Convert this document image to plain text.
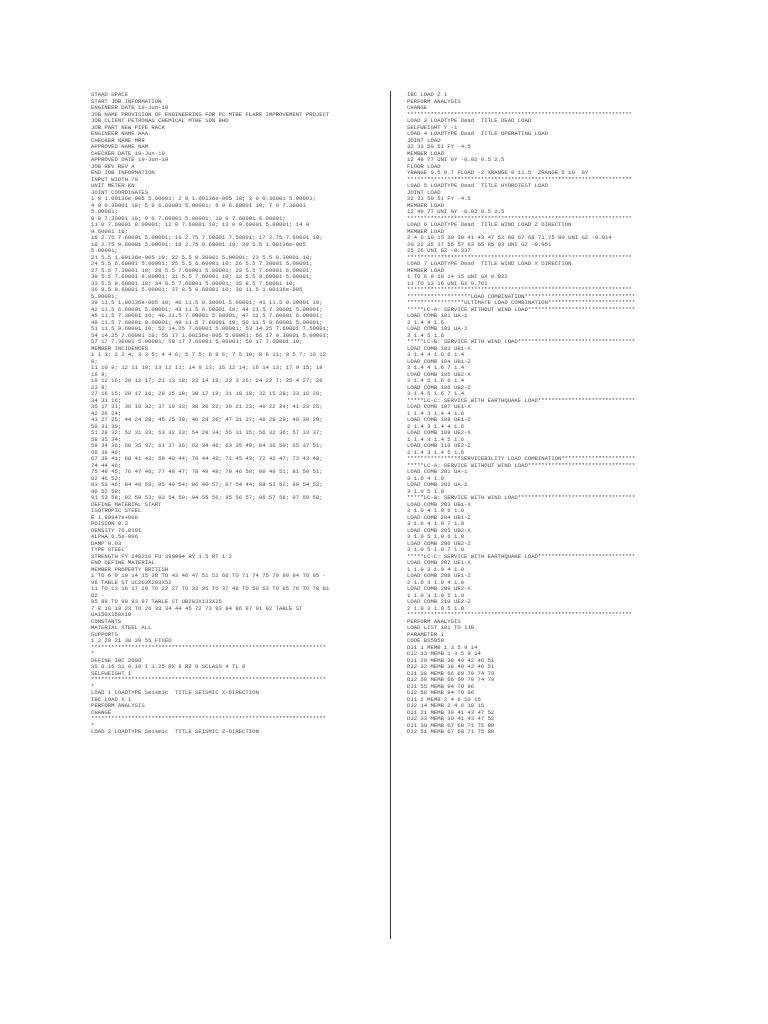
STAAD SPACE
START JOB INFORMATION
ENGINEER DATE 19-Jun-19
JOB NAME PROVISION OF ENGINEERING FOR PC MTBE FLARE IMPROVEMENT PROJECT
JOB CLIENT PETRONAS CHEMICAL MTBE SDN BHD
JOB PART NEW PIPE RACK
ENGINEER NAME AAA
CHECKER NAME MRR
APPROVED NAME NAM
CHECKER DATE 19-Jun-19
APPROVED DATE 19-Jun-19
JOB REV REV A
END JOB INFORMATION
INPUT WIDTH 79
UNIT METER KN
JOINT COORDINATES
1 0 1.00136e-005 5.00001; 2 0 1.00136e-005 10; 3 0 0.30001 5.00001;
4 0 0.30001 10; 5 0 6.60001 5.00001; 6 0 6.60001 10; 7 0 7.30001
5.00001;
8 0 7.30001 10; 9 0 7.60001 5.00001; 10 0 7.60001 6.00001;
11 0 7.60001 8.00001; 12 0 7.60001 10; 13 0 9.60001 5.00001; 14 0
9.60001 10;
15 2.75 7.60001 5.00001; 16 2.75 7.60001 7.50001; 17 2.75 7.60001 10;
18 2.75 9.60001 5.00001; 19 2.75 9.60001 10; 20 5.5 1.00136e-005
5.00001;
21 5.5 1.00136e-005 10; 22 5.5 0.30001 5.00001; 23 5.5 0.30001 10;
24 5.5 6.60001 5.00001; 25 5.5 6.60001 10; 26 5.5 7.30001 5.00001;
27 5.5 7.30001 10; 28 5.5 7.60001 5.00001; 29 5.5 7.60001 6.00001;
30 5.5 7.60001 8.00001; 31 5.5 7.60001 10; 32 5.5 9.60001 5.00001;
33 5.5 9.60001 10; 34 8.5 7.60001 5.00001; 35 8.5 7.60001 10;
36 8.5 9.60001 5.00001; 37 8.5 9.60001 10; 38 11.5 1.00136e-005
5.00001;
39 11.5 1.00136e-005 10; 40 11.5 0.30001 5.00001; 41 11.5 0.30001 10;
42 11.5 6.60001 5.00001; 43 11.5 6.60001 10; 44 11.5 7.30001 5.00001;
45 11.5 7.30001 10; 46 11.5 7.60001 5.00001; 47 11.5 7.60001 6.00001;
48 11.5 7.60001 8.00001; 49 11.5 7.60001 10; 50 11.5 9.60001 5.00001;
51 11.5 9.60001 10; 52 14.25 7.60001 5.00001; 53 14.25 7.60001 7.50001;
54 14.25 7.60001 10; 55 17 1.00136e-005 5.00001; 56 17 0.30001 5.00001;
57 17 7.30001 5.00001; 58 17 7.60001 5.00001; 59 17 7.60001 10;
MEMBER INCIDENCES
1 1 3; 2 2 4; 3 3 5; 4 4 6; 5 7 5; 6 8 6; 7 5 10; 8 6 11; 9 5 7; 10 12
8;
11 10 9; 12 11 10; 13 12 11; 14 9 13; 15 12 14; 16 14 13; 17 9 15; 18
16 9;
19 12 16; 20 12 17; 21 13 18; 22 14 19; 23 3 26; 24 22 7; 25 4 27; 26
23 8;
27 16 15; 28 17 16; 29 15 18; 30 17 19; 31 19 18; 32 15 28; 33 16 29;
34 31 16;
35 17 31; 36 18 32; 37 19 33; 38 20 22; 39 21 23; 40 22 24; 41 23 25;
42 26 24;
43 27 25; 44 24 28; 45 25 30; 46 28 26; 47 31 27; 48 29 28; 49 30 29;
50 31 30;
51 28 32; 52 31 33; 53 32 33; 54 28 34; 55 31 35; 56 32 36; 57 33 37;
58 35 34;
59 34 36; 60 35 37; 61 37 36; 62 34 46; 63 35 49; 64 36 50; 65 37 51;
66 38 40;
67 39 41; 68 41 43; 69 40 44; 70 44 42; 71 45 43; 72 42 47; 73 43 48;
74 44 46;
75 49 45; 76 47 46; 77 48 47; 78 49 48; 79 46 50; 80 49 51; 81 50 51;
82 46 52;
83 53 46; 84 49 53; 85 49 54; 86 40 57; 87 54 44; 88 53 52; 89 54 53;
90 52 58;
91 53 58; 92 59 53; 93 54 59; 94 55 56; 95 56 57; 96 57 58; 97 59 58;
DEFINE MATERIAL START
ISOTROPIC STEEL
E 1.99947e+008
POISSON 0.3
DENSITY 76.8191
ALPHA 6.5e-006
DAMP 0.03
TYPE STEEL
STRENGTH FY 248210 FU 399894 RY 1.5 RT 1.2
END DEFINE MATERIAL
MEMBER PROPERTY BRITISH
1 TO 6 9 10 14 15 38 TO 43 46 47 51 52 66 TO 71 74 75 79 80 94 TO 95 -
96 TABLE ST UC203X203X52
11 TO 13 16 17 20 TO 22 27 TO 32 35 TO 37 48 TO 50 53 TO 65 76 TO 78 81
82 -
85 88 TO 90 93 97 TABLE ST UB203X133X25
7 8 18 19 23 TO 26 33 34 44 45 72 73 83 84 86 87 91 92 TABLE ST
UA150X150X10
CONSTANTS
MATERIAL STEEL ALL
SUPPORTS
1 2 20 21 38 39 55 FIXED
**********************************************************************
*
DEFINE IBC 2006
SS 0.16 S1 0.16 I 1.25 RX 8 RZ 8 SCLASS 4 TL 8
SELFWEIGHT 1
**********************************************************************
*
LOAD 1 LOADTYPE Seismic  TITLE SEISMIC X-DIRECTION
IBC LOAD X 1
PERFORM ANALYSIS
CHANGE
**********************************************************************
*
LOAD 2 LOADTYPE Seismic  TITLE SEISMIC Z-DIRECTION
IBC LOAD Z 1
PERFORM ANALYSIS
CHANGE
*******************************************************************
LOAD 3 LOADTYPE Dead  TITLE DEAD LOAD
SELFWEIGHT Y -1
LOAD 4 LOADTYPE Dead  TITLE OPERATING LOAD
JOINT LOAD
32 33 50 51 FY -4.5
MEMBER LOAD
12 49 77 UNI GY -0.92 0.5 2.5
FLOOR LOAD
YRANGE 0.5 9.7 FLOAD -2 XRANGE 0 11.5  ZRANGE 5 10  GY
*******************************************************************
LOAD 5 LOADTYPE Dead  TITLE HYDROTEST LOAD
JOINT LOAD
32 33 50 51 FY -4.5
MEMBER LOAD
12 49 77 UNI GY -0.92 0.5 2.5
*******************************************************************
LOAD 6 LOADTYPE Dead  TITLE WIND LOAD Z DIRECTION
MEMBER LOAD
2 4 6 10 15 30 39 41 43 47 52 60 67 68 71 75 80 UNI GZ -0.914
20 22 35 37 55 57 63 65 85 93 UNI GZ -0.951
25 26 UNI GZ -0.337
*******************************************************************
LOAD 7 LOADTYPE Dead  TITLE WIND LOAD X DIRECTION
MEMBER LOAD
1 TO 6 9 10 14 15 UNI GX 0.822
11 TO 13 16 UNI GX 0.761
*******************************************************************
*******************LOAD COMBINATION*********************************
*****************ULTIMATE LOAD COMBINATION**************************
*****LC-A: SERVICE WITHOUT WIND LOAD********************************
LOAD COMB 101 UA-1
3 1.4 4 1.6
LOAD COMB 102 UA-2
3 1.4 5 1.6
*****LC-B: SERVICE WITH WIND LOAD***********************************
LOAD COMB 103 UB1-X
3 1.4 4 1.6 6 1.4
LOAD COMB 104 UB1-Z
3 1.4 4 1.6 7 1.4
LOAD COMB 105 UB2-X
3 1.4 5 1.6 6 1.4
LOAD COMB 106 UB2-Z
3 1.4 5 1.6 7 1.4
*****LC-C: SERVICE WITH EARTHQUAKE LOAD*****************************
LOAD COMB 107 UE1-X
1 1.4 3 1.4 4 1.6
LOAD COMB 108 UE1-Z
2 1.4 3 1.4 4 1.6
LOAD COMB 109 UE2-X
1 1.4 3 1.4 5 1.6
LOAD COMB 110 UE2-Z
2 1.4 3 1.4 5 1.6
****************SERVICEBILITY LOAD COMBINATION**********************
*****LC-A: SERVICE WITHOUT WIND LOAD********************************
LOAD COMB 201 UA-1
3 1.0 4 1.0
LOAD COMB 202 UA-2
3 1.0 5 1.0
*****LC-B: SERVICE WITH WIND LOAD***********************************
LOAD COMB 203 UB1-X
3 1.0 4 1.0 6 1.0
LOAD COMB 204 UB1-Z
3 1.0 4 1.0 7 1.0
LOAD COMB 205 UB2-X
3 1.0 5 1.0 6 1.0
LOAD COMB 206 UB2-Z
3 1.0 5 1.0 7 1.0
*****LC-C: SERVICE WITH EARTHQUAKE LOAD*****************************
LOAD COMB 207 UE1-X
1 1.0 3 1.0 4 1.0
LOAD COMB 208 UE1-Z
2 1.0 3 1.0 4 1.0
LOAD COMB 209 UE2-X
1 1.0 3 1.0 5 1.0
LOAD COMB 210 UE2-Z
2 1.0 3 1.0 5 1.0
*******************************************************************
PERFORM ANALYSIS
LOAD LIST 101 TO 110
PARAMETER 1
CODE BS5950
DJ1 1 MEMB 1 3 5 9 14
DJ2 13 MEMB 1 3 5 9 14
DJ1 20 MEMB 38 40 42 46 51
DJ2 32 MEMB 38 40 42 46 51
DJ1 38 MEMB 66 69 70 74 79
DJ2 50 MEMB 66 69 70 74 79
DJ1 55 MEMB 94 TO 96
DJ2 58 MEMB 94 TO 96
DJ1 2 MEMB 2 4 6 10 15
DJ2 14 MEMB 2 4 6 10 15
DJ1 21 MEMB 39 41 43 47 52
DJ2 33 MEMB 39 41 43 47 52
DJ1 39 MEMB 67 68 71 75 80
DJ2 51 MEMB 67 68 71 75 80
